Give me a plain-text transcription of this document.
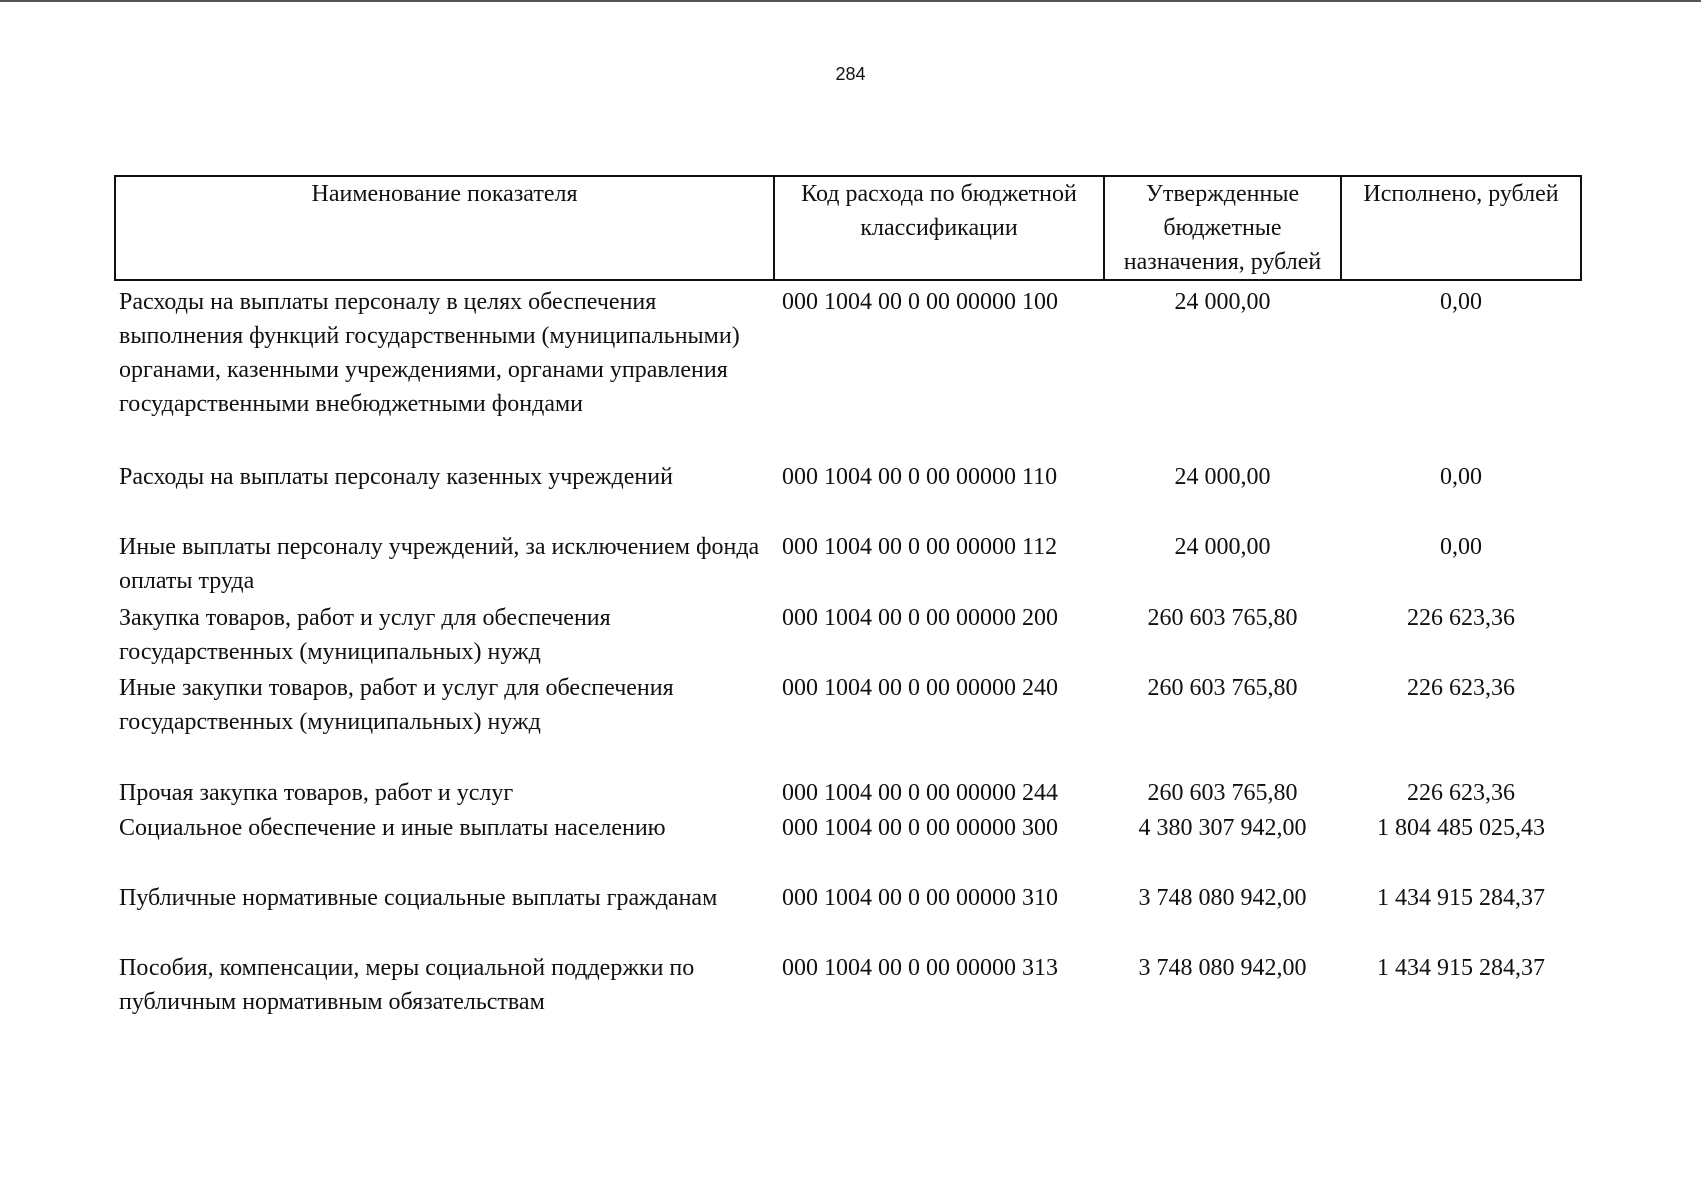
284
Наименование показателя	Код расхода по бюджетной классификации	Утвержденные бюджетные назначения, рублей	Исполнено, рублей
Расходы на выплаты персоналу в целях обеспечения выполнения функций государственными (муниципальными) органами, казенными учреждениями, органами управления государственными внебюджетными фондами	000 1004 00 0 00 00000 100	24 000,00	0,00
Расходы на выплаты персоналу казенных учреждений	000 1004 00 0 00 00000 110	24 000,00	0,00
Иные выплаты персоналу учреждений, за исключением фонда оплаты труда	000 1004 00 0 00 00000 112	24 000,00	0,00
Закупка товаров, работ и услуг для обеспечения государственных (муниципальных) нужд	000 1004 00 0 00 00000 200	260 603 765,80	226 623,36
Иные закупки товаров, работ и услуг для обеспечения государственных (муниципальных) нужд	000 1004 00 0 00 00000 240	260 603 765,80	226 623,36
Прочая закупка товаров, работ и услуг	000 1004 00 0 00 00000 244	260 603 765,80	226 623,36
Социальное обеспечение и иные выплаты населению	000 1004 00 0 00 00000 300	4 380 307 942,00	1 804 485 025,43
Публичные нормативные социальные выплаты гражданам	000 1004 00 0 00 00000 310	3 748 080 942,00	1 434 915 284,37
Пособия, компенсации, меры социальной поддержки по публичным нормативным обязательствам	000 1004 00 0 00 00000 313	3 748 080 942,00	1 434 915 284,37
